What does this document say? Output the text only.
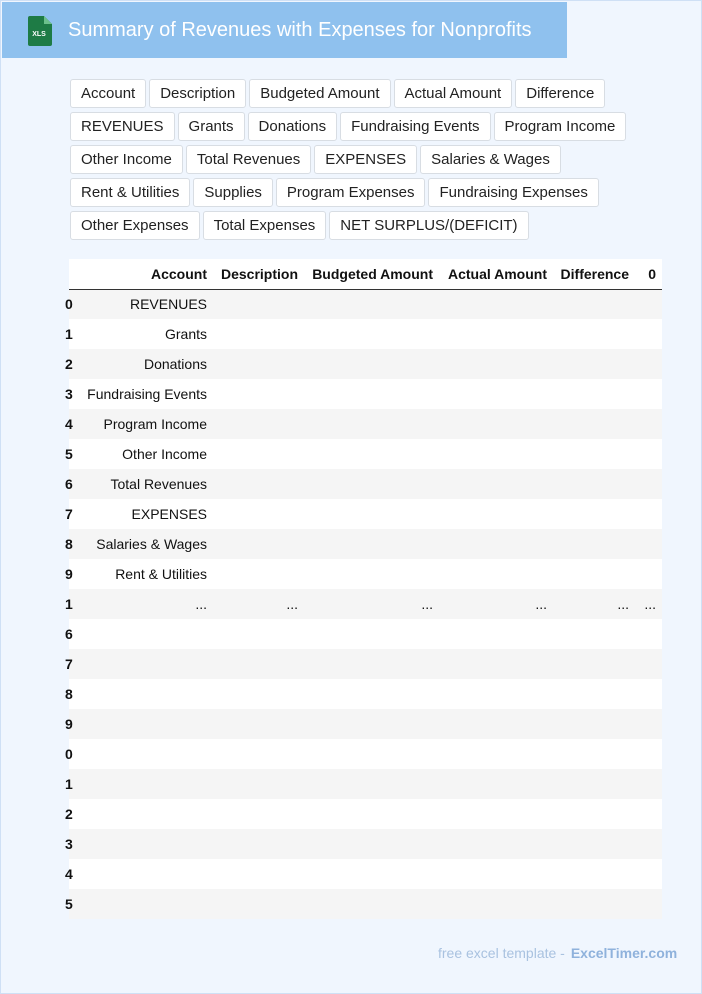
XLS Summary of Revenues with Expenses for Nonprofits
Account	Description	Budgeted Amount	Actual Amount	Difference
REVENUES	Grants	Donations	Fundraising Events	Program Income
Other Income	Total Revenues	EXPENSES	Salaries & Wages
Rent & Utilities	Supplies	Program Expenses	Fundraising Expenses
Other Expenses	Total Expenses	NET SURPLUS/(DEFICIT)
	Account	Description	Budgeted Amount	Actual Amount	Difference	0
0	REVENUES					
1	Grants					
2	Donations					
3	Fundraising Events					
4	Program Income					
5	Other Income					
6	Total Revenues					
7	EXPENSES					
8	Salaries & Wages					
9	Rent & Utilities					
1	...	...	...	...	...	...
6						
7						
8						
9						
0						
1						
2						
3						
4						
5						
free excel template - ExcelTimer.com
